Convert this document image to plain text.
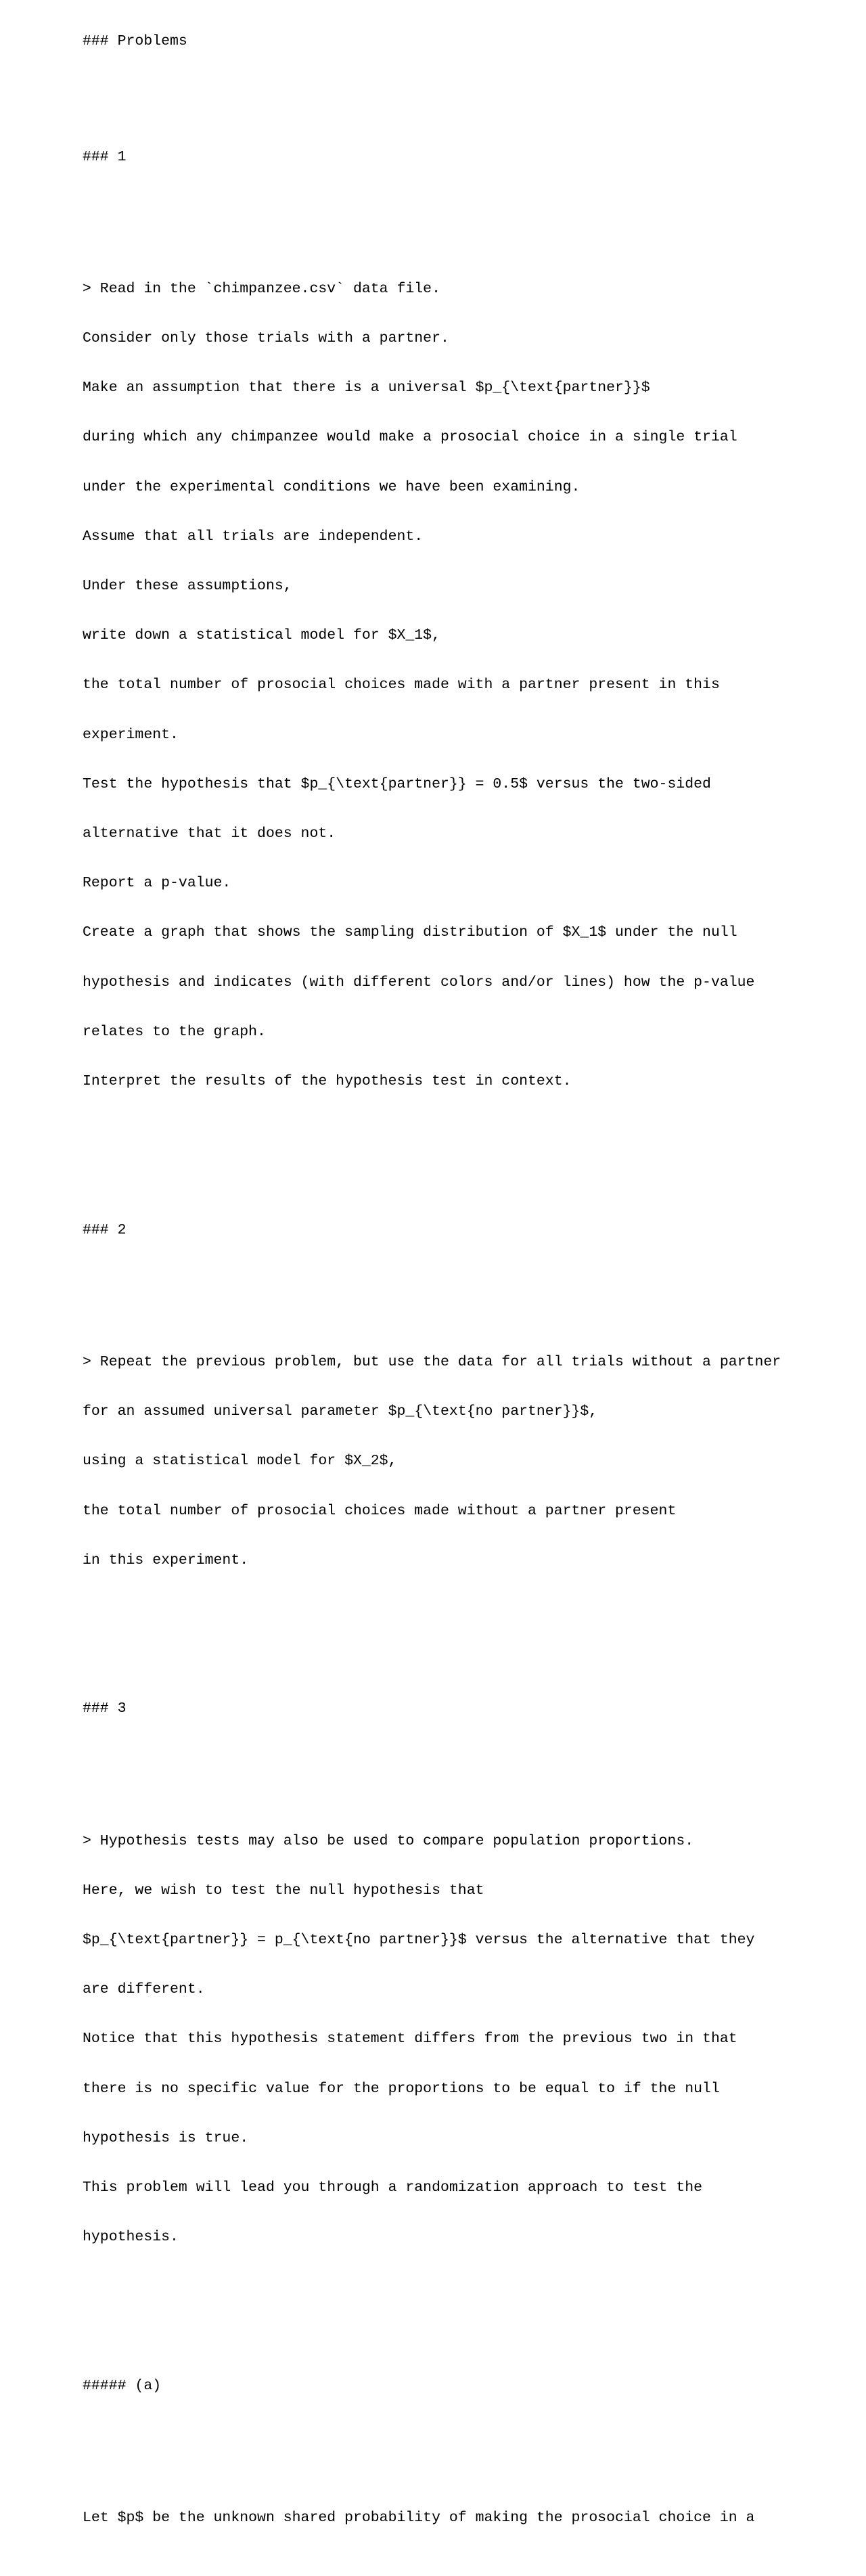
### Problems

### 1

> Read in the `chimpanzee.csv` data file.

Consider only those trials with a partner.

Make an assumption that there is a universal $p_{\text{partner}}$

during which any chimpanzee would make a prosocial choice in a single trial

under the experimental conditions we have been examining.

Assume that all trials are independent.

Under these assumptions,

write down a statistical model for $X_1$,

the total number of prosocial choices made with a partner present in this

experiment.

Test the hypothesis that $p_{\text{partner}} = 0.5$ versus the two-sided

alternative that it does not.

Report a p-value.

Create a graph that shows the sampling distribution of $X_1$ under the null

hypothesis and indicates (with different colors and/or lines) how the p-value

relates to the graph.

Interpret the results of the hypothesis test in context.

### 2

> Repeat the previous problem, but use the data for all trials without a partner

for an assumed universal parameter $p_{\text{no partner}}$,

using a statistical model for $X_2$,

the total number of prosocial choices made without a partner present

in this experiment.

### 3

> Hypothesis tests may also be used to compare population proportions.

Here, we wish to test the null hypothesis that

$p_{\text{partner}} = p_{\text{no partner}}$ versus the alternative that they

are different.

Notice that this hypothesis statement differs from the previous two in that

there is no specific value for the proportions to be equal to if the null

hypothesis is true.

This problem will lead you through a randomization approach to test the

hypothesis.

##### (a)

Let $p$ be the unknown shared probability of making the prosocial choice in a
